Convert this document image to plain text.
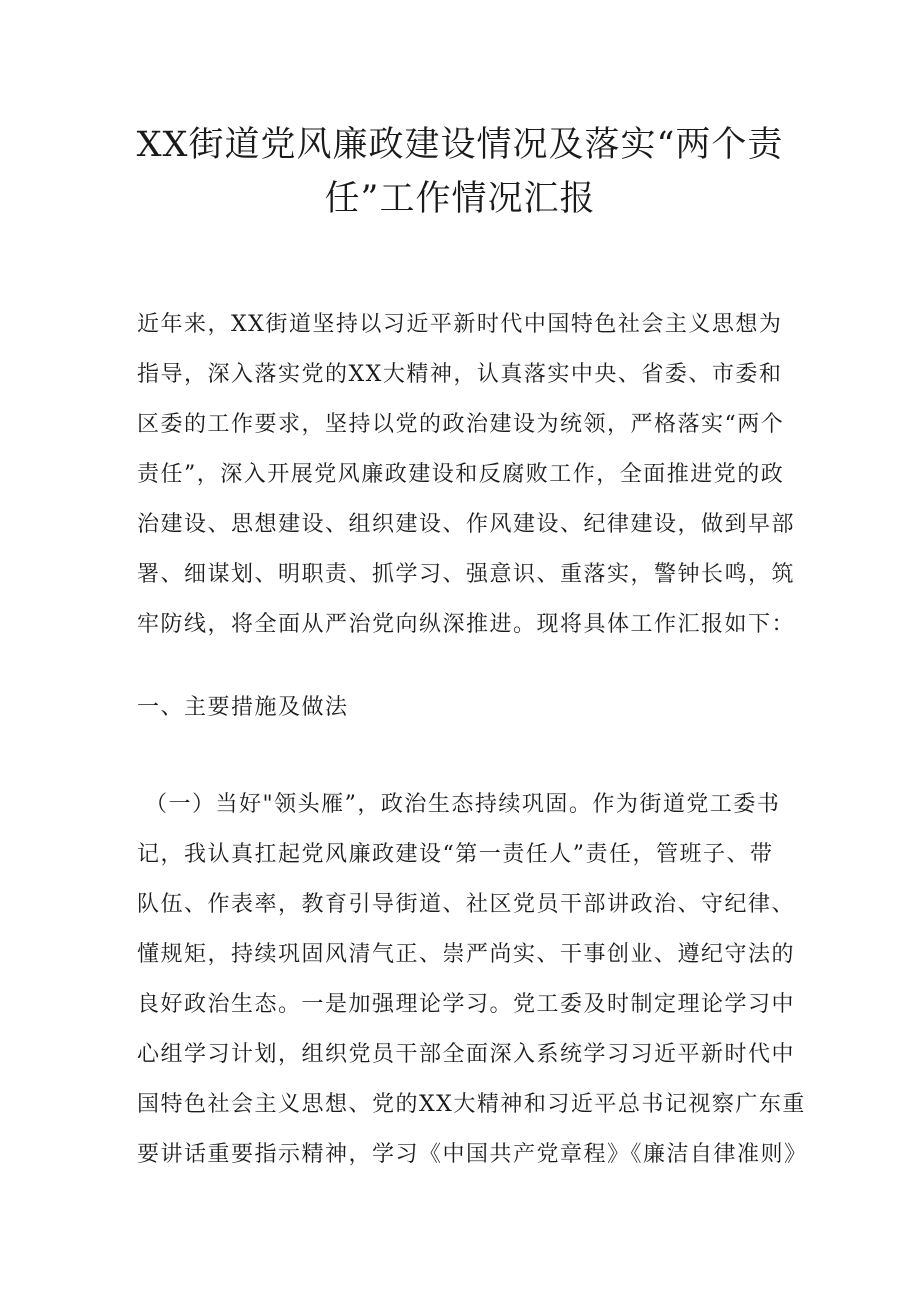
XX街道党风廉政建设情况及落实“两个责
任”工作情况汇报
近年来，XX街道坚持以习近平新时代中国特色社会主义思想为
指导，深入落实党的XX大精神，认真落实中央、省委、市委和
区委的工作要求，坚持以党的政治建设为统领，严格落实“两个
责任”，深入开展党风廉政建设和反腐败工作，全面推进党的政
治建设、思想建设、组织建设、作风建设、纪律建设，做到早部
署、细谋划、明职责、抓学习、强意识、重落实，警钟长鸣，筑
牢防线，将全面从严治党向纵深推进。现将具体工作汇报如下：
一、主要措施及做法
（一）当好"领头雁”，政治生态持续巩固。作为街道党工委书
记，我认真扛起党风廉政建设“第一责任人”责任，管班子、带
队伍、作表率，教育引导街道、社区党员干部讲政治、守纪律、
懂规矩，持续巩固风清气正、崇严尚实、干事创业、遵纪守法的
良好政治生态。一是加强理论学习。党工委及时制定理论学习中
心组学习计划，组织党员干部全面深入系统学习习近平新时代中
国特色社会主义思想、党的XX大精神和习近平总书记视察广东重
要讲话重要指示精神，学习《中国共产党章程》《廉洁自律准则》
